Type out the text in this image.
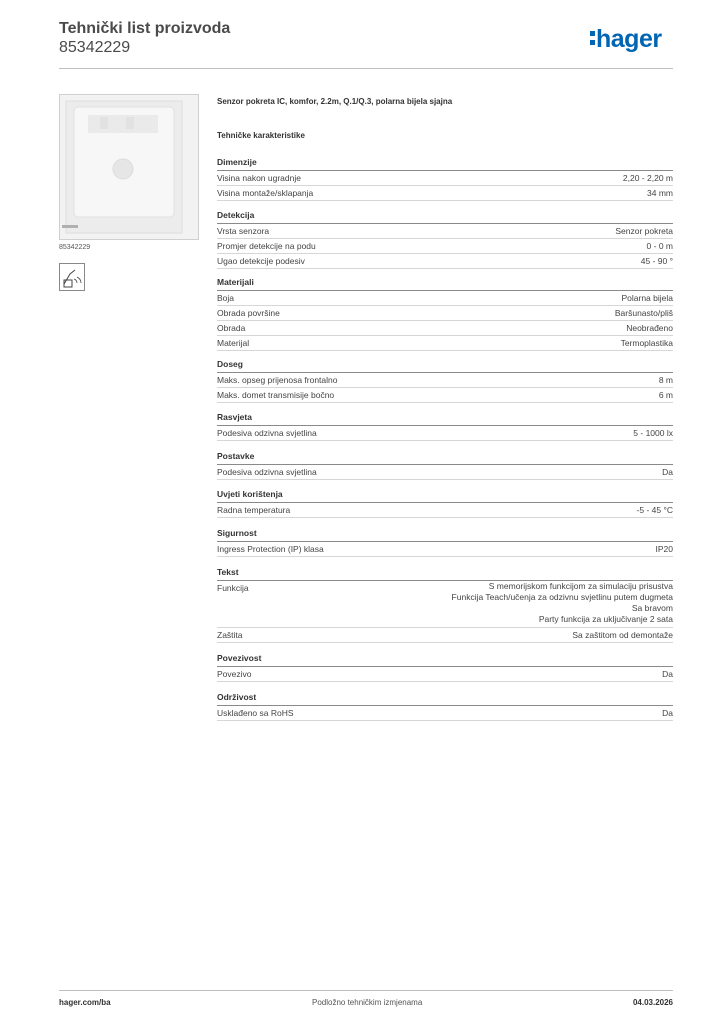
Tehnički list proizvoda
85342229	hager
85342229
Senzor pokreta IC, komfor, 2.2m, Q.1/Q.3, polarna bijela sjajna
Tehničke karakteristike
Dimenzije
Visina nakon ugradnje	2,20 - 2,20 m
Visina montaže/sklapanja	34 mm
Detekcija
Vrsta senzora	Senzor pokreta
Promjer detekcije na podu	0 - 0 m
Ugao detekcije podesiv	45 - 90 °
Materijali
Boja	Polarna bijela
Obrada površine	Baršunasto/pliš
Obrada	Neobrađeno
Materijal	Termoplastika
Doseg
Maks. opseg prijenosa frontalno	8 m
Maks. domet transmisije bočno	6 m
Rasvjeta
Podesiva odzivna svjetlina	5 - 1000 lx
Postavke
Podesiva odzivna svjetlina	Da
Uvjeti korištenja
Radna temperatura	-5 - 45 °C
Sigurnost
Ingress Protection (IP) klasa	IP20
Tekst
Funkcija	S memorijskom funkcijom za simulaciju prisustva
Funkcija Teach/učenja za odzivnu svjetlinu putem dugmeta
Sa bravom
Party funkcija za uključivanje 2 sata
Zaštita	Sa zaštitom od demontaže
Povezivost
Povezivo	Da
Održivost
Usklađeno sa RoHS	Da
hager.com/ba	Podložno tehničkim izmjenama	04.03.2026
